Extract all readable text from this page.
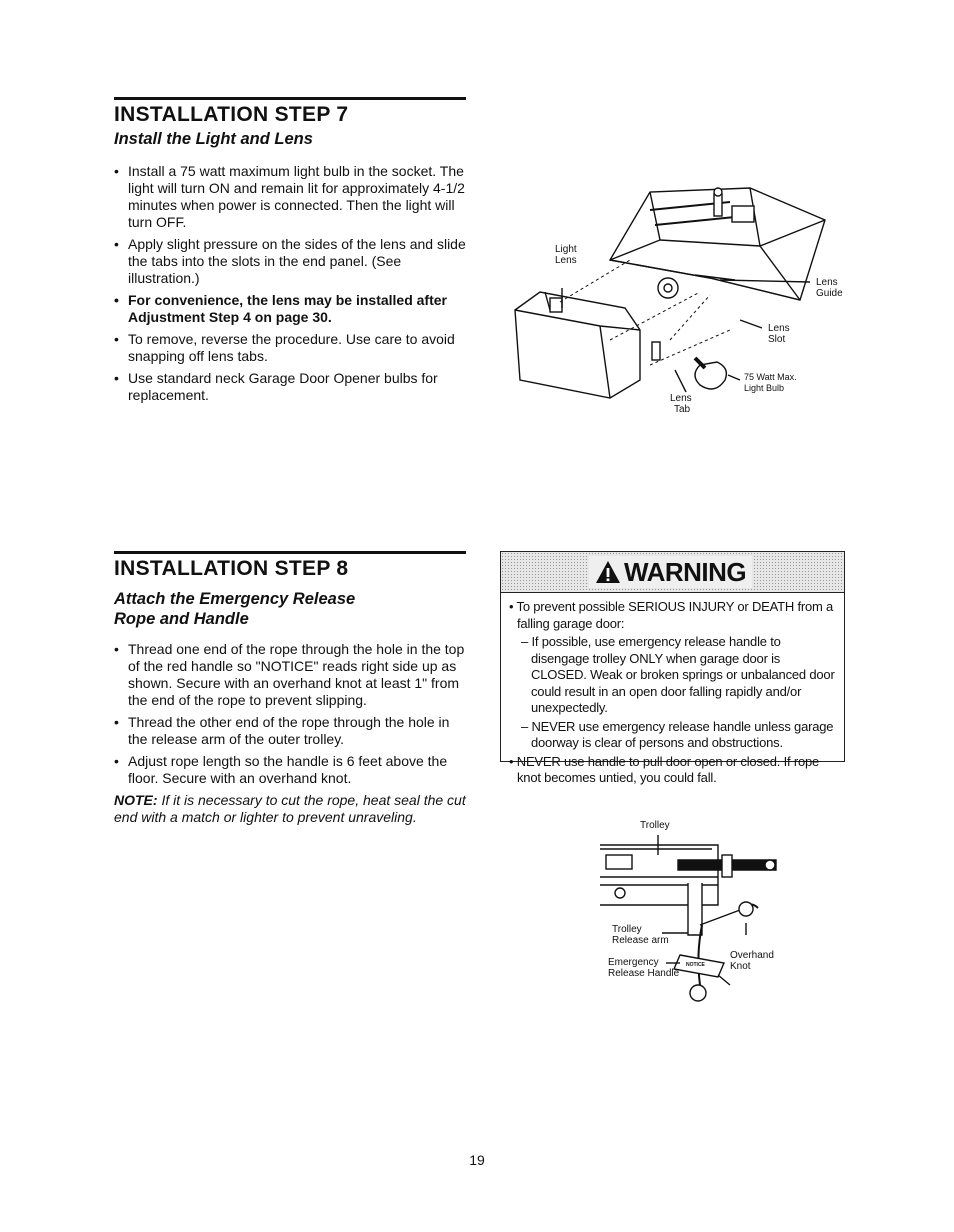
INSTALLATION STEP 7
Install the Light and Lens
• Install a 75 watt maximum light bulb in the socket. The light will turn ON and remain lit for approximately 4-1/2 minutes when power is connected. Then the light will turn OFF.
• Apply slight pressure on the sides of the lens and slide the tabs into the slots in the end panel. (See illustration.)
• For convenience, the lens may be installed after Adjustment Step 4 on page 30.
• To remove, reverse the procedure. Use care to avoid snapping off lens tabs.
• Use standard neck Garage Door Opener bulbs for replacement.
Light
Lens
Lens
Guide
Lens
Slot
75 Watt Max.
Light Bulb
Lens
Tab
INSTALLATION STEP 8
Attach the Emergency Release
Rope and Handle
• Thread one end of the rope through the hole in the top of the red handle so "NOTICE" reads right side up as shown. Secure with an overhand knot at least 1" from the end of the rope to prevent slipping.
• Thread the other end of the rope through the hole in the release arm of the outer trolley.
• Adjust rope length so the handle is 6 feet above the floor. Secure with an overhand knot.

NOTE: If it is necessary to cut the rope, heat seal the cut end with a match or lighter to prevent unraveling.

WARNING

• To prevent possible SERIOUS INJURY or DEATH from a falling garage door:

– If possible, use emergency release handle to disengage trolley ONLY when garage door is CLOSED. Weak or broken springs or unbalanced door could result in an open door falling rapidly and/or unexpectedly.

– NEVER use emergency release handle unless garage doorway is clear of persons and obstructions.

• NEVER use handle to pull door open or closed. If rope knot becomes untied, you could fall.

Trolley
Trolley
Release arm
Emergency
Release Handle
Overhand
Knot
NOTICE
19
